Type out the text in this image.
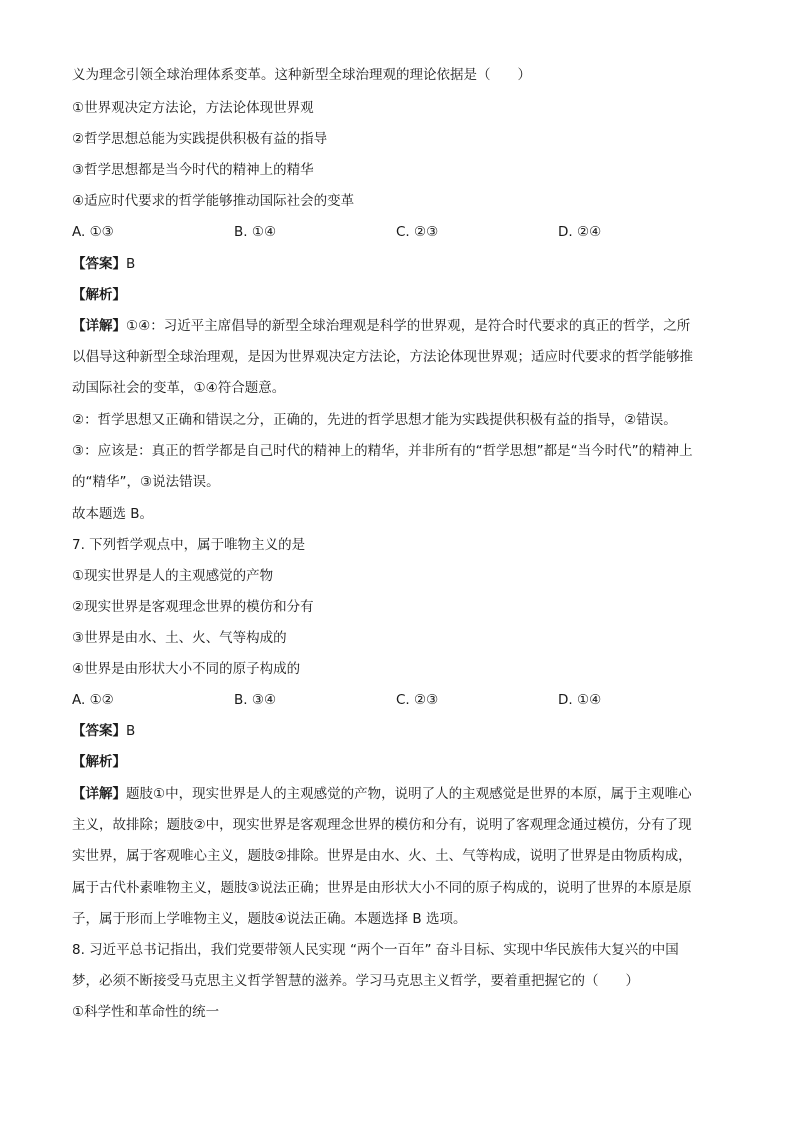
义为理念引领全球治理体系变革。这种新型全球治理观的理论依据是（　　）
①世界观决定方法论，方法论体现世界观
②哲学思想总能为实践提供积极有益的指导
③哲学思想都是当今时代的精神上的精华
④适应时代要求的哲学能够推动国际社会的变革
A. ①③	B. ①④	C. ②③	D. ②④
【答案】B
【解析】
【详解】①④：习近平主席倡导的新型全球治理观是科学的世界观，是符合时代要求的真正的哲学，之所
以倡导这种新型全球治理观，是因为世界观决定方法论，方法论体现世界观；适应时代要求的哲学能够推
动国际社会的变革，①④符合题意。
②：哲学思想又正确和错误之分，正确的，先进的哲学思想才能为实践提供积极有益的指导，②错误。
③：应该是：真正的哲学都是自己时代的精神上的精华，并非所有的“哲学思想”都是“当今时代”的精神上
的“精华”，③说法错误。
故本题选 B。
7. 下列哲学观点中，属于唯物主义的是
①现实世界是人的主观感觉的产物
②现实世界是客观理念世界的模仿和分有
③世界是由水、土、火、气等构成的
④世界是由形状大小不同的原子构成的
A. ①②	B. ③④	C. ②③	D. ①④
【答案】B
【解析】
【详解】题肢①中，现实世界是人的主观感觉的产物，说明了人的主观感觉是世界的本原，属于主观唯心
主义，故排除；题肢②中，现实世界是客观理念世界的模仿和分有，说明了客观理念通过模仿，分有了现
实世界，属于客观唯心主义，题肢②排除。世界是由水、火、土、气等构成，说明了世界是由物质构成，
属于古代朴素唯物主义，题肢③说法正确；世界是由形状大小不同的原子构成的，说明了世界的本原是原
子，属于形而上学唯物主义，题肢④说法正确。本题选择 B 选项。
8. 习近平总书记指出，我们党要带领人民实现 “两个一百年” 奋斗目标、实现中华民族伟大复兴的中国
梦，必须不断接受马克思主义哲学智慧的滋养。学习马克思主义哲学，要着重把握它的（　　）
①科学性和革命性的统一
